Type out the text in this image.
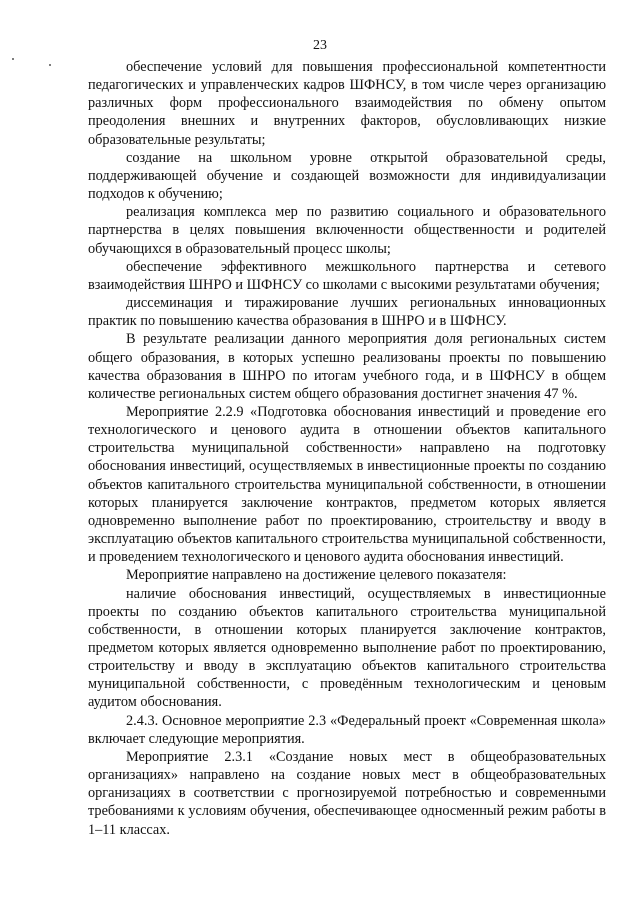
23

обеспечение условий для повышения профессиональной компетентности педагогических и управленческих кадров ШФНСУ, в том числе через организацию различных форм профессионального взаимодействия по обмену опытом преодоления внешних и внутренних факторов, обусловливающих низкие образовательные результаты;

создание на школьном уровне открытой образовательной среды, поддерживающей обучение и создающей возможности для индивидуализации подходов к обучению;

реализация комплекса мер по развитию социального и образовательного партнерства в целях повышения включенности общественности и родителей обучающихся в образовательный процесс школы;

обеспечение эффективного межшкольного партнерства и сетевого взаимодействия ШНРО и ШФНСУ со школами с высокими результатами обучения;

диссеминация и тиражирование лучших региональных инновационных практик по повышению качества образования в ШНРО и в ШФНСУ.

В результате реализации данного мероприятия доля региональных систем общего образования, в которых успешно реализованы проекты по повышению качества образования в ШНРО по итогам учебного года, и в ШФНСУ в общем количестве региональных систем общего образования достигнет значения 47 %.

Мероприятие 2.2.9 «Подготовка обоснования инвестиций и проведение его технологического и ценового аудита в отношении объектов капитального строительства муниципальной собственности» направлено на подготовку обоснования инвестиций, осуществляемых в инвестиционные проекты по созданию объектов капитального строительства муниципальной собственности, в отношении которых планируется заключение контрактов, предметом которых является одновременно выполнение работ по проектированию, строительству и вводу в эксплуатацию объектов капитального строительства муниципальной собственности, и проведением технологического и ценового аудита обоснования инвестиций.

Мероприятие направлено на достижение целевого показателя:

наличие обоснования инвестиций, осуществляемых в инвестиционные проекты по созданию объектов капитального строительства муниципальной собственности, в отношении которых планируется заключение контрактов, предметом которых является одновременно выполнение работ по проектированию, строительству и вводу в эксплуатацию объектов капитального строительства муниципальной собственности, с проведённым технологическим и ценовым аудитом обоснования.

2.4.3. Основное мероприятие 2.3 «Федеральный проект «Современная школа» включает следующие мероприятия.

Мероприятие 2.3.1 «Создание новых мест в общеобразовательных организациях» направлено на создание новых мест в общеобразовательных организациях в соответствии с прогнозируемой потребностью и современными требованиями к условиям обучения, обеспечивающее односменный режим работы в 1–11 классах.
